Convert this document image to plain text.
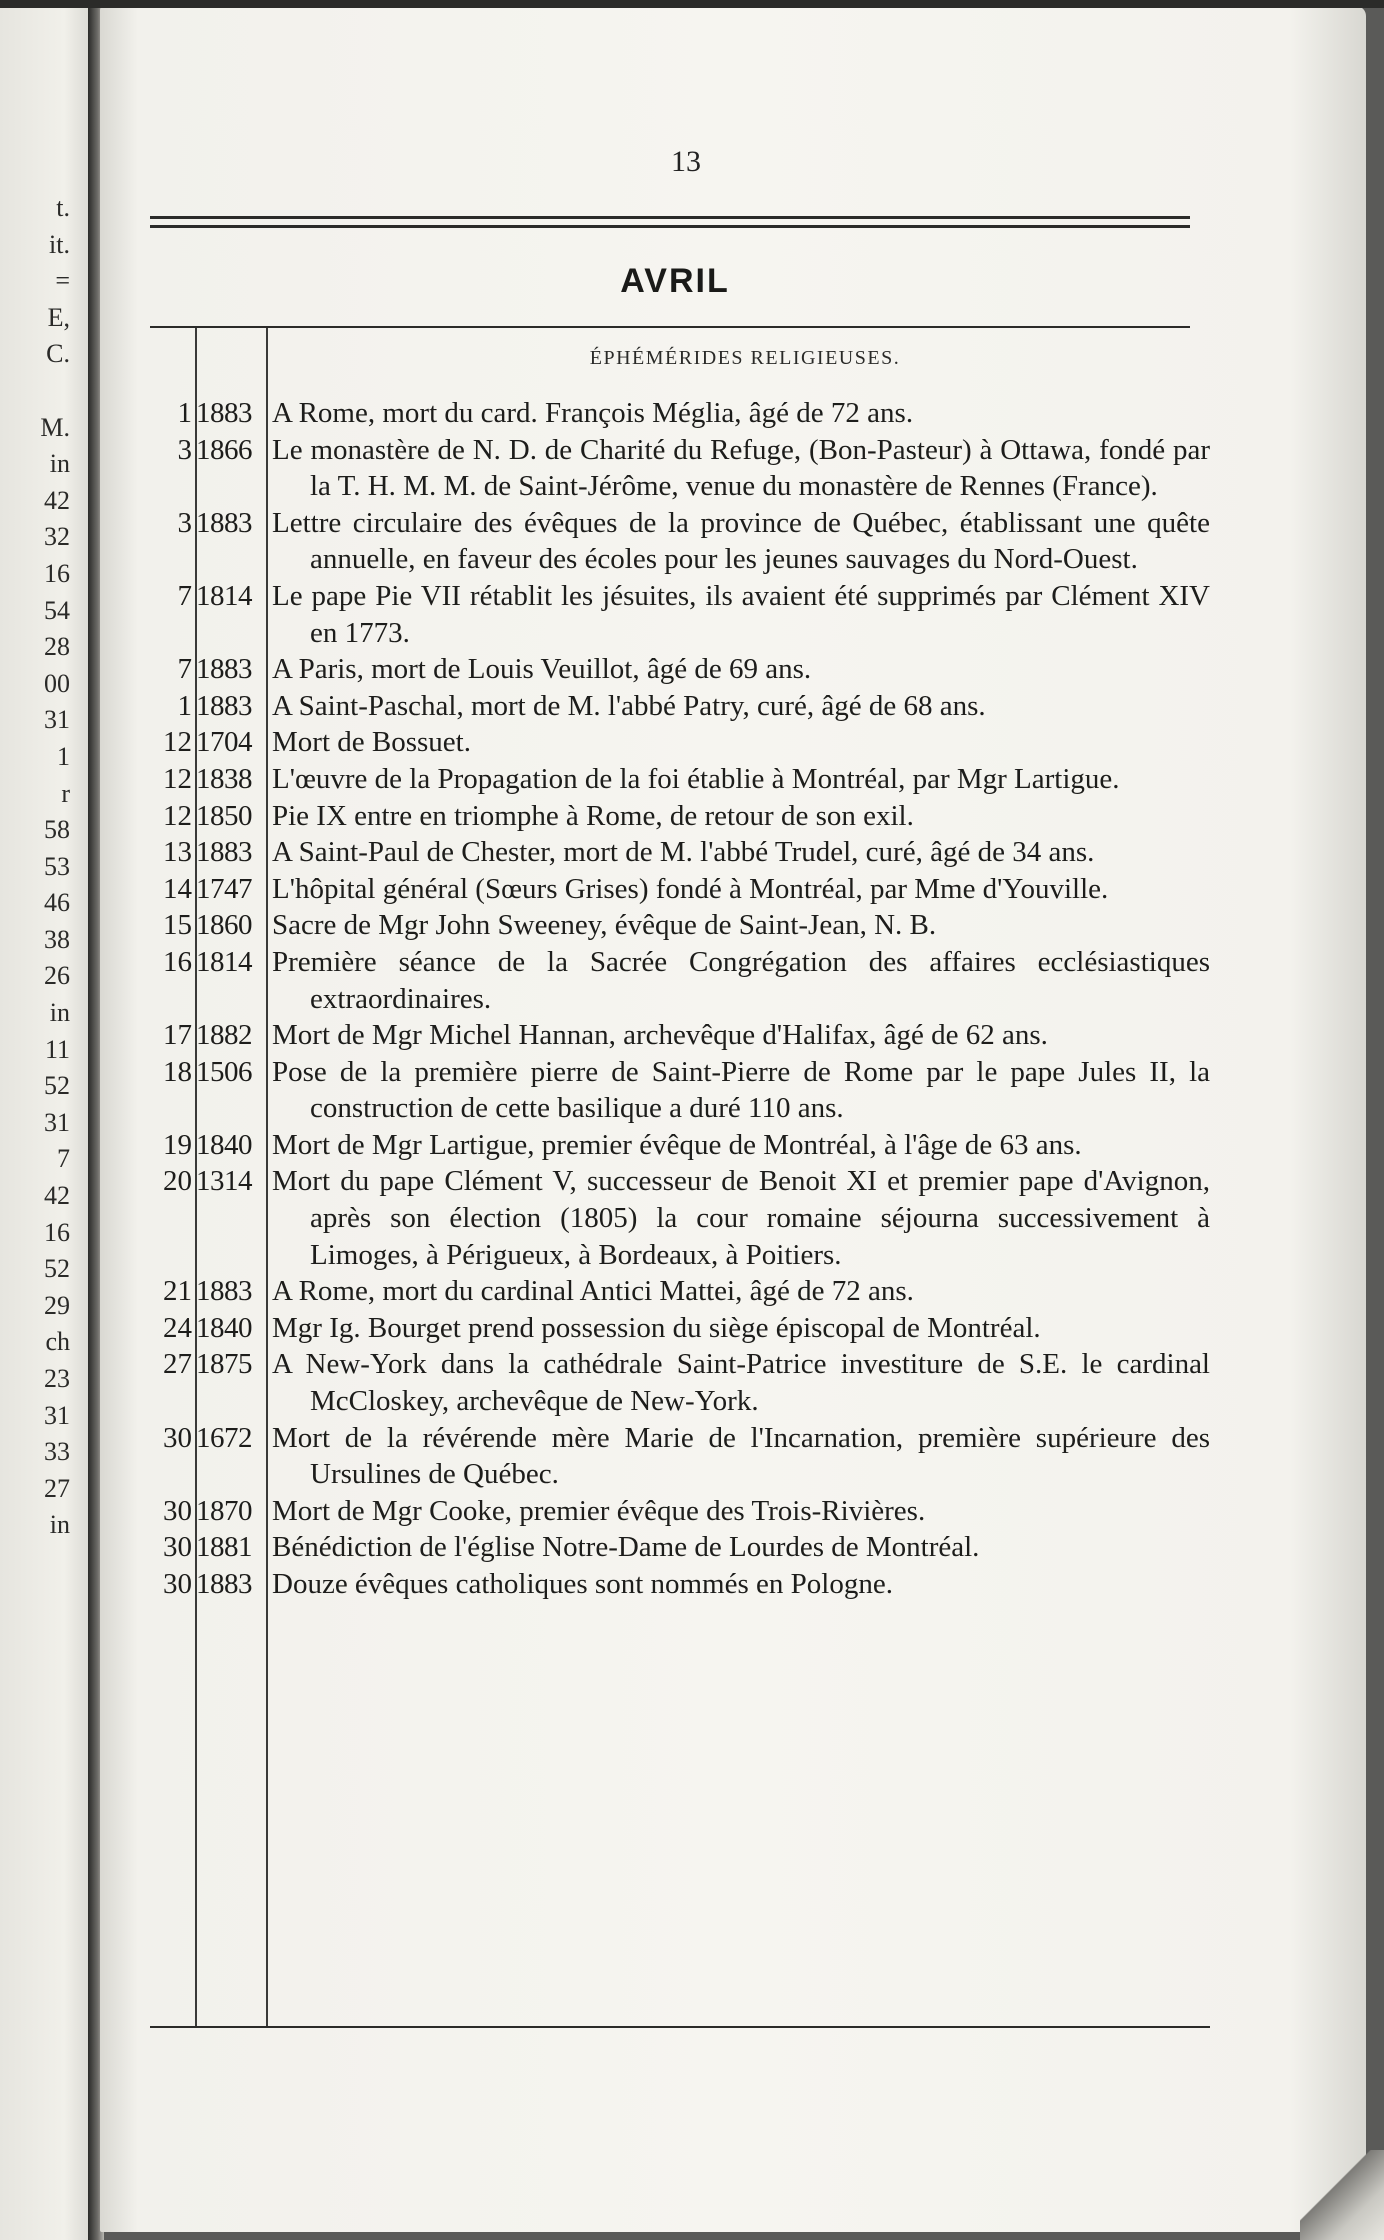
t.
it.
=
E,
C.
M.
in
42
32
16
54
28
00
31
1
r
58
53
46
38
26
in
11
52
31
7
42
16
52
29
ch
23
31
33
27
in
13
AVRIL
ÉPHÉMÉRIDES RELIGIEUSES.
1 1883 A Rome, mort du card. François Méglia, âgé de 72 ans.
3 1866 Le monastère de N. D. de Charité du Refuge, (Bon-Pasteur) à Ottawa, fondé par la T. H. M. M. de Saint-Jérôme, venue du monastère de Rennes (France).
3 1883 Lettre circulaire des évêques de la province de Québec, établissant une quête annuelle, en faveur des écoles pour les jeunes sauvages du Nord-Ouest.
7 1814 Le pape Pie VII rétablit les jésuites, ils avaient été supprimés par Clément XIV en 1773.
7 1883 A Paris, mort de Louis Veuillot, âgé de 69 ans.
1 1883 A Saint-Paschal, mort de M. l'abbé Patry, curé, âgé de 68 ans.
12 1704 Mort de Bossuet.
12 1838 L'œuvre de la Propagation de la foi établie à Montréal, par Mgr Lartigue.
12 1850 Pie IX entre en triomphe à Rome, de retour de son exil.
13 1883 A Saint-Paul de Chester, mort de M. l'abbé Trudel, curé, âgé de 34 ans.
14 1747 L'hôpital général (Sœurs Grises) fondé à Montréal, par Mme d'Youville.
15 1860 Sacre de Mgr John Sweeney, évêque de Saint-Jean, N. B.
16 1814 Première séance de la Sacrée Congrégation des affaires ecclésiastiques extraordinaires.
17 1882 Mort de Mgr Michel Hannan, archevêque d'Halifax, âgé de 62 ans.
18 1506 Pose de la première pierre de Saint-Pierre de Rome par le pape Jules II, la construction de cette basilique a duré 110 ans.
19 1840 Mort de Mgr Lartigue, premier évêque de Montréal, à l'âge de 63 ans.
20 1314 Mort du pape Clément V, successeur de Benoit XI et premier pape d'Avignon, après son élection (1805) la cour romaine séjourna successivement à Limoges, à Périgueux, à Bordeaux, à Poitiers.
21 1883 A Rome, mort du cardinal Antici Mattei, âgé de 72 ans.
24 1840 Mgr Ig. Bourget prend possession du siège épiscopal de Montréal.
27 1875 A New-York dans la cathédrale Saint-Patrice investiture de S.E. le cardinal McCloskey, archevêque de New-York.
30 1672 Mort de la révérende mère Marie de l'Incarnation, première supérieure des Ursulines de Québec.
30 1870 Mort de Mgr Cooke, premier évêque des Trois-Rivières.
30 1881 Bénédiction de l'église Notre-Dame de Lourdes de Montréal.
30 1883 Douze évêques catholiques sont nommés en Pologne.
